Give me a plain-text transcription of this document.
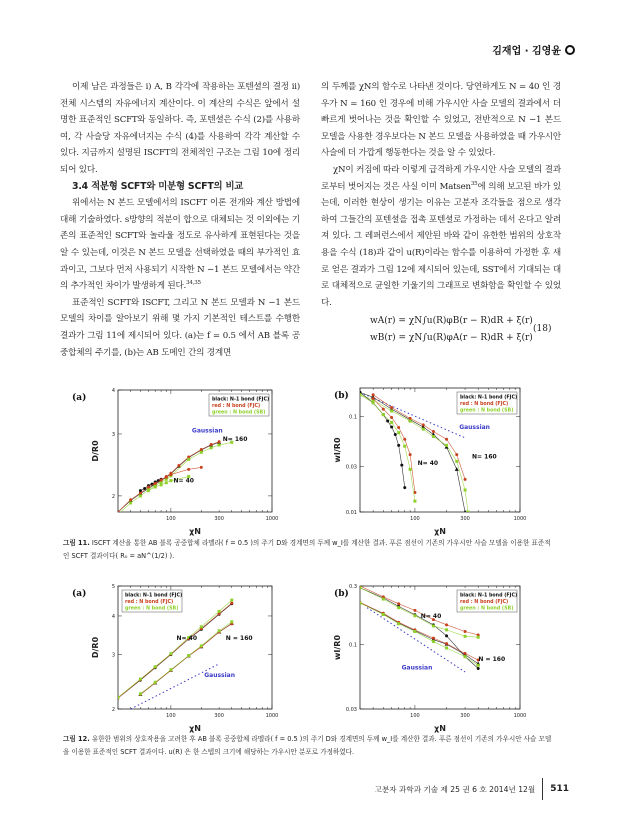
김재업 · 김영윤

이제 남은 과정들은 i) A, B 각각에 작용하는 포텐셜의 결정 ii) 전체 시스템의 자유에너지 계산이다. 이 계산의 수식은 앞에서 설명한 표준적인 SCFT와 동일하다. 즉, 포텐셜은 수식 (2)를 사용하여, 각 사슬당 자유에너지는 수식 (4)를 사용하여 각각 계산할 수 있다. 지금까지 설명된 ISCFT의 전체적인 구조는 그림 10에 정리되어 있다.

3.4 적분형 SCFT와 미분형 SCFT의 비교

위에서는 N 본드 모델에서의 ISCFT 이론 전개와 계산 방법에 대해 기술하였다. s방향의 적분이 합으로 대체되는 것 이외에는 기존의 표준적인 SCFT와 놀라울 정도로 유사하게 표현된다는 것을 알 수 있는데, 이것은 N 본드 모델을 선택하였을 때의 부가적인 효과이고, 그보다 먼저 사용되기 시작한 N −1 본드 모델에서는 약간의 추가적인 차이가 발생하게 된다.$^{34,35}$

표준적인 SCFT와 ISCFT, 그리고 N 본드 모델과 N −1 본드 모델의 차이를 알아보기 위해 몇 가지 기본적인 테스트를 수행한 결과가 그림 11에 제시되어 있다. (a)는 f = 0.5 에서 AB 블록 공중합체의 주기를, (b)는 AB 도메인 간의 경계면

의 두께를 χN의 함수로 나타낸 것이다. 당연하게도 N = 40 인 경우가 N = 160 인 경우에 비해 가우시안 사슬 모델의 결과에서 더 빠르게 벗어나는 것을 확인할 수 있었고, 전반적으로 N −1 본드 모델을 사용한 경우보다는 N 본드 모델을 사용하였을 때 가우시안 사슬에 더 가깝게 행동한다는 것을 알 수 있었다.

χN이 커짐에 따라 이렇게 급격하게 가우시안 사슬 모델의 결과로부터 벗어지는 것은 사실 이미 Matsen$^{35}$에 의해 보고된 바가 있는데, 이러한 현상이 생기는 이유는 고분자 조각들을 점으로 생각하여 그들간의 포텐셜을 접촉 포텐셜로 가정하는 데서 온다고 알려져 있다. 그 레퍼런스에서 제안된 바와 같이 유한한 범위의 상호작용을 수식 (18)과 같이 u(R)이라는 함수를 이용하여 가정한 후 새로 얻은 결과가 그림 12에 제시되어 있는데, SST에서 기대되는 대로 대체적으로 균일한 기울기의 그래프로 변화함을 확인할 수 있었다.

wA(r) = χN∫u(R)φB(r − R)dR + ξ(r)
wB(r) = χN∫u(R)φA(r − R)dR + ξ(r)
(18)
100	300	1000
2
3
4
χN
D/R0
(a)
Gaussian
N= 160
N= 40
black: N-1 bond (FJC)
red : N bond (FJC)
green : N bond (SB)
100	300	1000
0.01
0.03
0.1
χN
wI/R0
(b)
Gaussian
N= 160
N= 40
black: N-1 bond (FJC)
red : N bond (FJC)
green : N bond (SB)
그림 11. ISCFT 계산을 통한 AB 블록 공중합체 라멜라( f = 0.5 )의 주기 D와 경계면의 두께 w_I를 계산한 결과. 푸른 점선이 기존의 가우시안 사슬 모델을 이용한 표준적인 SCFT 결과이다( R₀ = aN^(1/2) ).
100	300	1000
2
3
4
5
χN
D/R0
(a)
N= 40	N = 160
Gaussian
black: N-1 bond (FJC)
red : N bond (FJC)
green : N bond (SB)
100	300	1000
0.03
0.1
0.3
χN
wI/R0
(b)
N= 40
N = 160
Gaussian
black: N-1 bond (FJC)
red : N bond (FJC)
green : N bond (SB)
그림 12. 유한한 범위의 상호작용을 고려한 후 AB 블록 공중합체 라멜라( f = 0.5 )의 주기 D와 경계면의 두께 w_I를 계산한 결과. 푸른 점선이 기존의 가우시안 사슬 모델을 이용한 표준적인 SCFT 결과이다. u(R) 은 한 스텝의 크기에 해당하는 가우시안 분포로 가정하였다.
고분자 과학과 기술 제 25 권 6 호 2014년 12월 511
